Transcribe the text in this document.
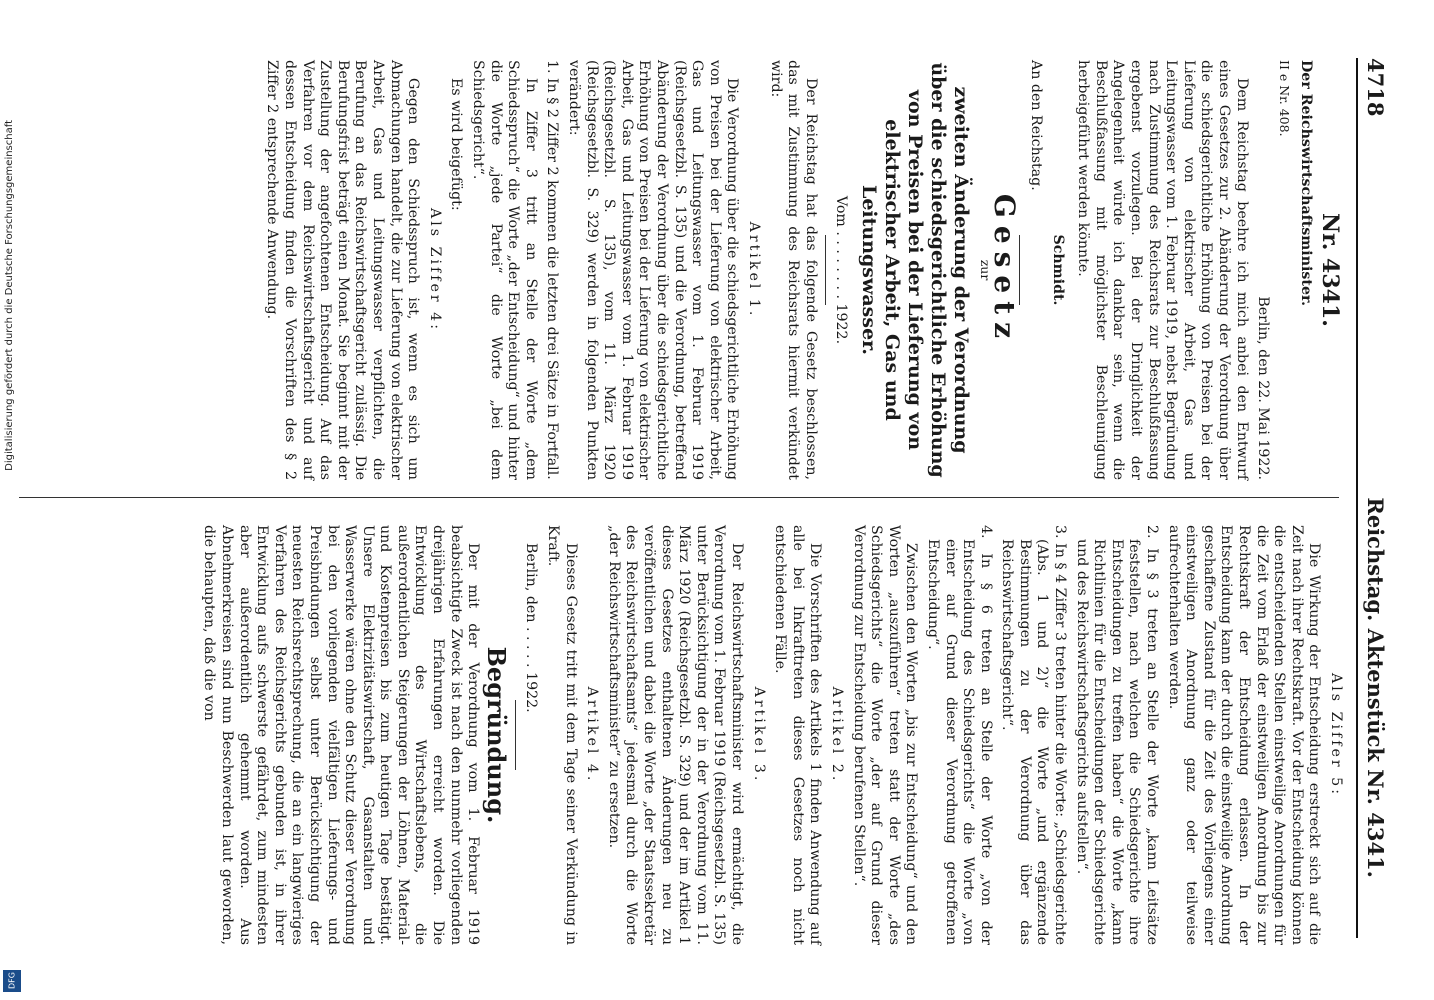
4718
Reichstag. Aktenstück Nr. 4341.
Nr. 4341.

Der Reichswirtschaftsminister.

II e Nr. 408.

Berlin, den 22. Mai 1922.

Dem Reichstag beehre ich mich anbei den Entwurf eines Gesetzes zur 2. Abänderung der Verordnung über die schiedsgerichtliche Erhöhung von Preisen bei der Lieferung von elektrischer Arbeit, Gas und Leitungswasser vom 1. Februar 1919, nebst Begründung nach Zustimmung des Reichsrats zur Beschlußfassung ergebenst vorzulegen. Bei der Dringlichkeit der Angelegenheit würde ich dankbar sein, wenn die Beschlußfassung mit möglichster Beschleunigung herbeigeführt werden könnte.

Schmidt.

An den Reichstag.

Gesetz

zur

zweiten Änderung der Verordnung über die schiedsgerichtliche Erhöhung von Preisen bei der Lieferung von elektrischer Arbeit, Gas und Leitungswasser.

Vom . . . . . . . . 1922.

Der Reichstag hat das folgende Gesetz beschlossen, das mit Zustimmung des Reichsrats hiermit verkündet wird:

Artikel 1.

Die Verordnung über die schiedsgerichtliche Erhöhung von Preisen bei der Lieferung von elektrischer Arbeit, Gas und Leitungswasser vom 1. Februar 1919 (Reichsgesetzbl. S. 135) und die Verordnung, betreffend Abänderung der Verordnung über die schiedsgerichtliche Erhöhung von Preisen bei der Lieferung von elektrischer Arbeit, Gas und Leitungswasser vom 1. Februar 1919 (Reichsgesetzbl. S. 135), vom 11. März 1920 (Reichsgesetzbl. S. 329) werden in folgenden Punkten verändert:

1. In § 2 Ziffer 2 kommen die letzten drei Sätze in Fortfall.

In Ziffer 3 tritt an Stelle der Worte „dem Schiedsspruch“ die Worte „der Entscheidung“ und hinter die Worte „jede Partei“ die Worte „bei dem Schiedsgericht“.

Es wird beigefügt:

Als Ziffer 4:

Gegen den Schiedsspruch ist, wenn es sich um Abmachungen handelt, die zur Lieferung von elektrischer Arbeit, Gas und Leitungswasser verpflichten, die Berufung an das Reichswirtschaftsgericht zulässig. Die Berufungsfrist beträgt einen Monat. Sie beginnt mit der Zustellung der angefochtenen Entscheidung. Auf das Verfahren vor dem Reichswirtschaftsgericht und auf dessen Entscheidung finden die Vorschriften des § 2 Ziffer 2 entsprechende Anwendung.

Als Ziffer 5:

Die Wirkung der Entscheidung erstreckt sich auf die Zeit nach ihrer Rechtskraft. Vor der Entscheidung können die entscheidenden Stellen einstweilige Anordnungen für die Zeit vom Erlaß der einstweiligen Anordnung bis zur Rechtskraft der Entscheidung erlassen. In der Entscheidung kann der durch die einstweilige Anordnung geschaffene Zustand für die Zeit des Vorliegens einer einstweiligen Anordnung ganz oder teilweise aufrechterhalten werden.

2. In § 3 treten an Stelle der Worte „kann Leitsätze feststellen, nach welchen die Schiedsgerichte ihre Entscheidungen zu treffen haben“ die Worte „kann Richtlinien für die Entscheidungen der Schiedsgerichte und des Reichswirtschaftsgerichts aufstellen“.

3. In § 4 Ziffer 3 treten hinter die Worte: „Schiedsgerichte (Abs. 1 und 2)“ die Worte „und ergänzende Bestimmungen zu der Verordnung über das Reichswirtschaftsgericht“.

4. In § 6 treten an Stelle der Worte „von der Entscheidung des Schiedsgerichts“ die Worte „von einer auf Grund dieser Verordnung getroffenen Entscheidung“.

Zwischen den Worten „bis zur Entscheidung“ und den Worten „auszuführen“ treten statt der Worte „des Schiedsgerichts“ die Worte „der auf Grund dieser Verordnung zur Entscheidung berufenen Stellen“.

Artikel 2.

Die Vorschriften des Artikels 1 finden Anwendung auf alle bei Inkrafttreten dieses Gesetzes noch nicht entschiedenen Fälle.

Artikel 3.

Der Reichswirtschaftsminister wird ermächtigt, die Verordnung vom 1. Februar 1919 (Reichsgesetzbl. S. 135) unter Berücksichtigung der in der Verordnung vom 11. März 1920 (Reichsgesetzbl. S. 329) und der im Artikel 1 dieses Gesetzes enthaltenen Änderungen neu zu veröffentlichen und dabei die Worte „der Staatssekretär des Reichswirtschaftsamts“ jedesmal durch die Worte „der Reichswirtschaftsminister“ zu ersetzen.

Artikel 4.

Dieses Gesetz tritt mit dem Tage seiner Verkündung in Kraft.

Berlin, den . . . . . 1922.

Begründung.

Der mit der Verordnung vom 1. Februar 1919 beabsichtigte Zweck ist nach den nunmehr vorliegenden dreijährigen Erfahrungen erreicht worden. Die Entwicklung des Wirtschaftslebens, die außerordentlichen Steigerungen der Löhnen, Material- und Kostenpreisen bis zum heutigen Tage bestätigt. Unsere Elektrizitätswirtschaft, Gasanstalten und Wasserwerke wären ohne den Schutz dieser Verordnung bei den vorliegenden vielfältigen Lieferungs- und Preisbindungen selbst unter Berücksichtigung der neuesten Reichsrechtsprechung, die an ein langwieriges Verfahren des Reichsgerichts gebunden ist, in ihrer Entwicklung aufs schwerste gefährdet, zum mindesten aber außerordentlich gehemmt worden. Aus Abnehmerkreisen sind nun Beschwerden laut geworden, die behaupten, daß die von

Digitalisierung gefördert durch die Deutsche Forschungsgemeinschaft
DFG
